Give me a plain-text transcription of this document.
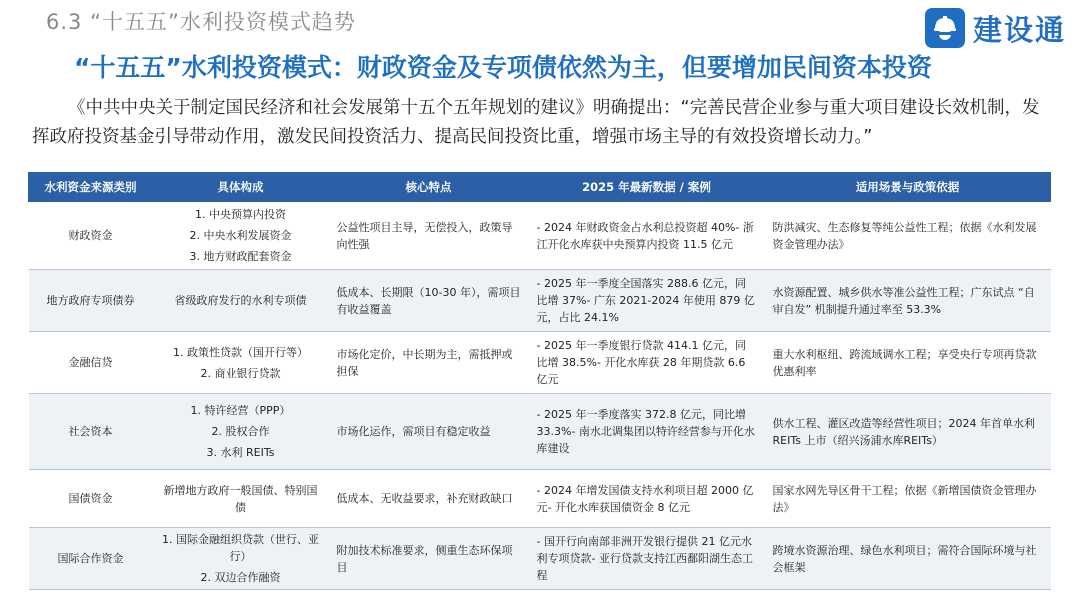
6.3 “十五五”水利投资模式趋势	建设通
“十五五”水利投资模式：财政资金及专项债依然为主，但要增加民间资本投资
《中共中央关于制定国民经济和社会发展第十五个五年规划的建议》明确提出：“完善民营企业参与重大项目建设长效机制，发挥政府投资基金引导带动作用，激发民间投资活力、提高民间投资比重，增强市场主导的有效投资增长动力。”
水利资金来源类别	具体构成	核心特点	2025 年最新数据 / 案例	适用场景与政策依据
财政资金	1. 中央预算内投资
2. 中央水利发展资金
3. 地方财政配套资金	公益性项目主导，无偿投入，政策导向性强	- 2024 年财政资金占水利总投资超 40%- 浙江开化水库获中央预算内投资 11.5 亿元	防洪减灾、生态修复等纯公益性工程；依据《水利发展资金管理办法》

地方政府专项债券	省级政府发行的水利专项债	低成本、长期限（10-30 年），需项目有收益覆盖	- 2025 年一季度全国落实 288.6 亿元，同比增 37%- 广东 2021-2024 年使用 879 亿元，占比 24.1%	水资源配置、城乡供水等准公益性工程；广东试点 “自审自发” 机制提升通过率至 53.3%

金融信贷	1. 政策性贷款（国开行等）
2. 商业银行贷款	市场化定价，中长期为主，需抵押或担保	- 2025 年一季度银行贷款 414.1 亿元，同比增 38.5%- 开化水库获 28 年期贷款 6.6 亿元	重大水利枢纽、跨流域调水工程；享受央行专项再贷款优惠利率

社会资本	1. 特许经营（PPP）
2. 股权合作
3. 水利 REITs	市场化运作，需项目有稳定收益	- 2025 年一季度落实 372.8 亿元，同比增 33.3%- 南水北调集团以特许经营参与开化水库建设	供水工程、灌区改造等经营性项目；2024 年首单水利 REITs 上市（绍兴汤浦水库REITs）

国债资金	新增地方政府一般国债、特别国债	低成本、无收益要求，补充财政缺口	- 2024 年增发国债支持水利项目超 2000 亿元- 开化水库获国债资金 8 亿元	国家水网先导区骨干工程；依据《新增国债资金管理办法》

国际合作资金	1. 国际金融组织贷款（世行、亚行）
2. 双边合作融资	附加技术标准要求，侧重生态环保项目	- 国开行向南部非洲开发银行提供 21 亿元水利专项贷款- 亚行贷款支持江西鄱阳湖生态工程	跨境水资源治理、绿色水利项目；需符合国际环境与社会框架
